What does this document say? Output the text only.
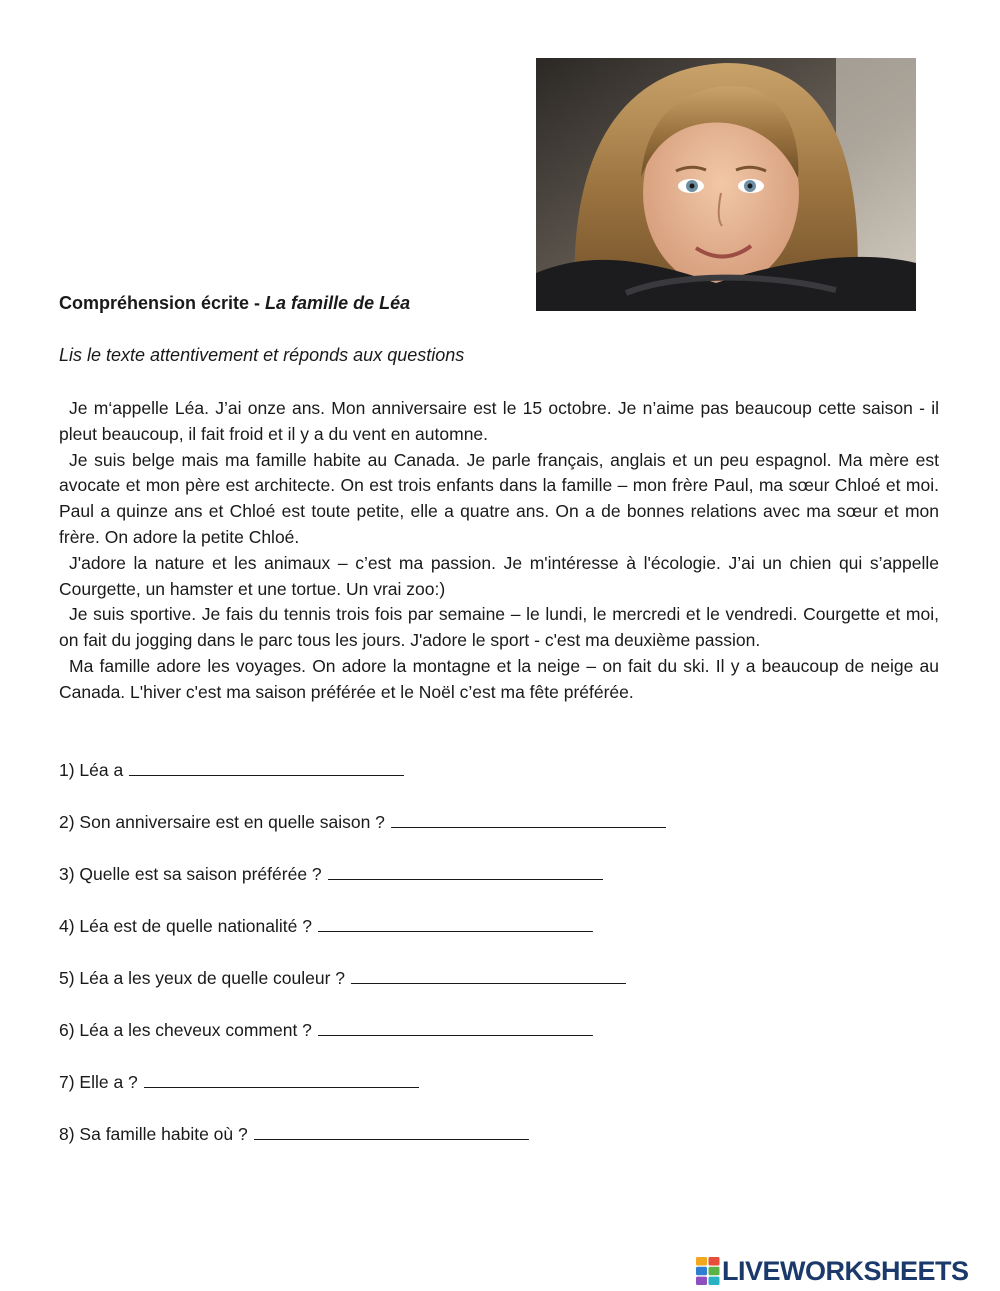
Compréhension écrite - La famille de Léa
Lis le texte attentivement et réponds aux questions

Je m‘appelle Léa. J’ai onze ans. Mon anniversaire est le 15 octobre. Je n’aime pas beaucoup cette saison - il pleut beaucoup, il fait froid et il y a du vent en automne.

Je suis belge mais ma famille habite au Canada. Je parle français, anglais et un peu espagnol. Ma mère est avocate et mon père est architecte. On est trois enfants dans la famille – mon frère Paul, ma sœur Chloé et moi. Paul a quinze ans et Chloé est toute petite, elle a quatre ans. On a de bonnes relations avec ma sœur et mon frère. On adore la petite Chloé.

J'adore la nature et les animaux – c’est ma passion. Je m'intéresse à l'écologie. J’ai un chien qui s’appelle Courgette, un hamster et une tortue. Un vrai zoo:)

Je suis sportive. Je fais du tennis trois fois par semaine – le lundi, le mercredi et le vendredi. Courgette et moi, on fait du jogging dans le parc tous les jours. J'adore le sport - c'est ma deuxième passion.

Ma famille adore les voyages. On adore la montagne et la neige – on fait du ski. Il y a beaucoup de neige au Canada. L'hiver c'est ma saison préférée et le Noël c’est ma fête préférée.

1) Léa a
2) Son anniversaire est en quelle saison ?
3) Quelle est sa saison préférée ?
4) Léa est de quelle nationalité ?
5) Léa a les yeux de quelle couleur ?
6) Léa a les cheveux comment ?
7) Elle a ?
8) Sa famille habite où ?
LIVEWORKSHEETS
